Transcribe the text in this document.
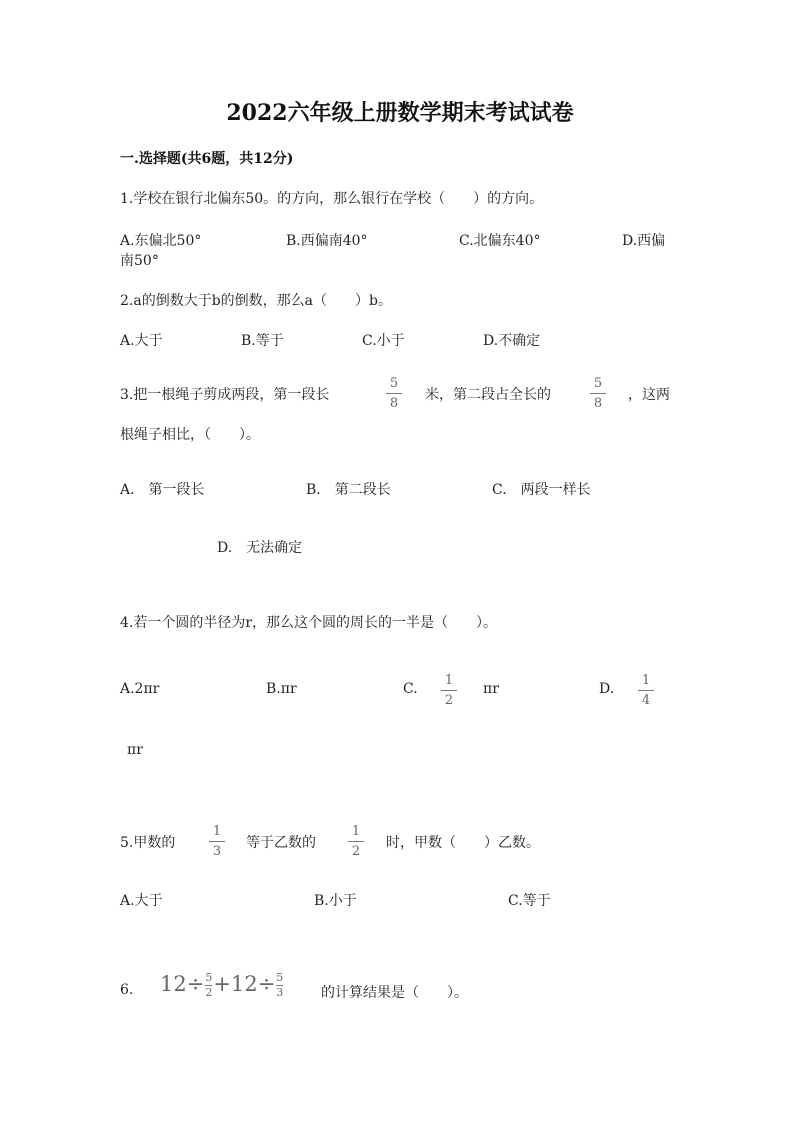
2022六年级上册数学期末考试试卷
一.选择题(共6题，共12分)
1.学校在银行北偏东50。的方向，那么银行在学校（　　）的方向。
A.东偏北50°	B.西偏南40°	C.北偏东40°	D.西偏
南50°
2.a的倒数大于b的倒数，那么a（　　）b。
A.大于	B.等于	C.小于	D.不确定
3.把一根绳子剪成两段，第一段长
5
8
米，第二段占全长的
5
8
，这两
根绳子相比，（　　）。
A.　第一段长	B.　第二段长	C.　两段一样长
D.　无法确定
4.若一个圆的半径为r，那么这个圆的周长的一半是（　　）。
A.2πr	B.πr	C.
1
2
πr	D.
1
4
πr
5.甲数的
1
3
等于乙数的
1
2
时，甲数（　　）乙数。
A.大于	B.小于	C.等于
6. $12\div\frac{5}{2}+12\div\frac{5}{3}$	的计算结果是（　　）。
